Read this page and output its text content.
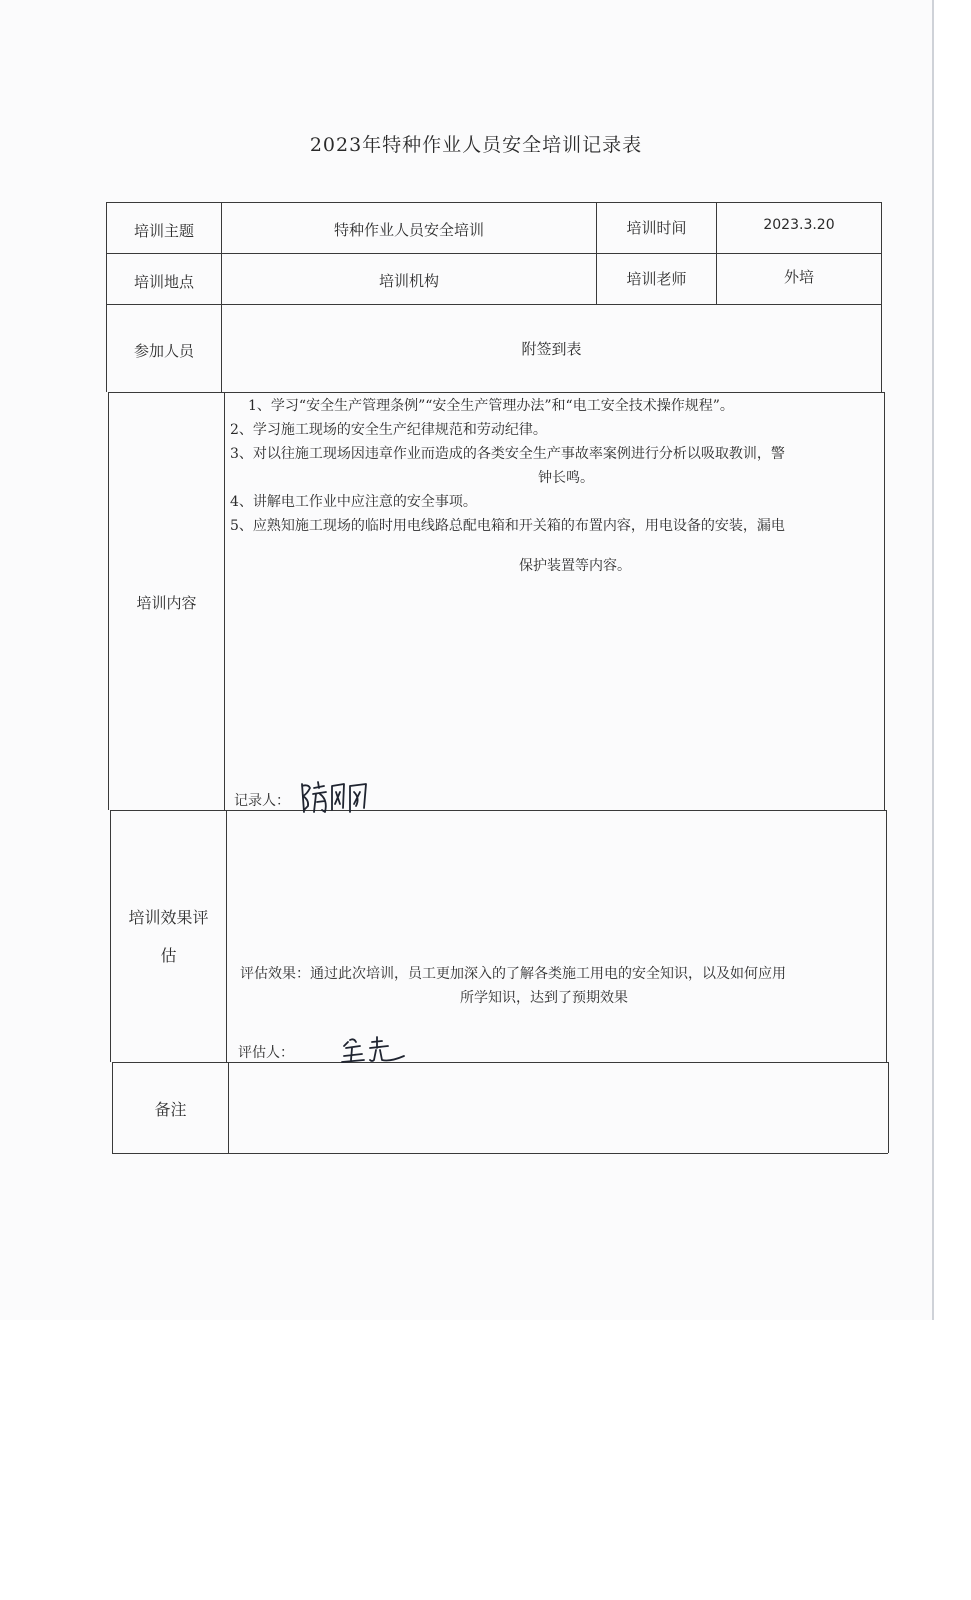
2023年特种作业人员安全培训记录表
培训主题	特种作业人员安全培训	培训时间	2023.3.20
培训地点	培训机构	培训老师	外培
参加人员	附签到表
培训内容

1、学习“安全生产管理条例”“安全生产管理办法”和“电工安全技术操作规程”。

2、学习施工现场的安全生产纪律规范和劳动纪律。

3、对以往施工现场因违章作业而造成的各类安全生产事故率案例进行分析以吸取教训，警

钟长鸣。

4、讲解电工作业中应注意的安全事项。

5、应熟知施工现场的临时用电线路总配电箱和开关箱的布置内容，用电设备的安装，漏电

保护装置等内容。

记录人：
培训效果评
估

评估效果：通过此次培训，员工更加深入的了解各类施工用电的安全知识，以及如何应用

所学知识，达到了预期效果

评估人：
备注
